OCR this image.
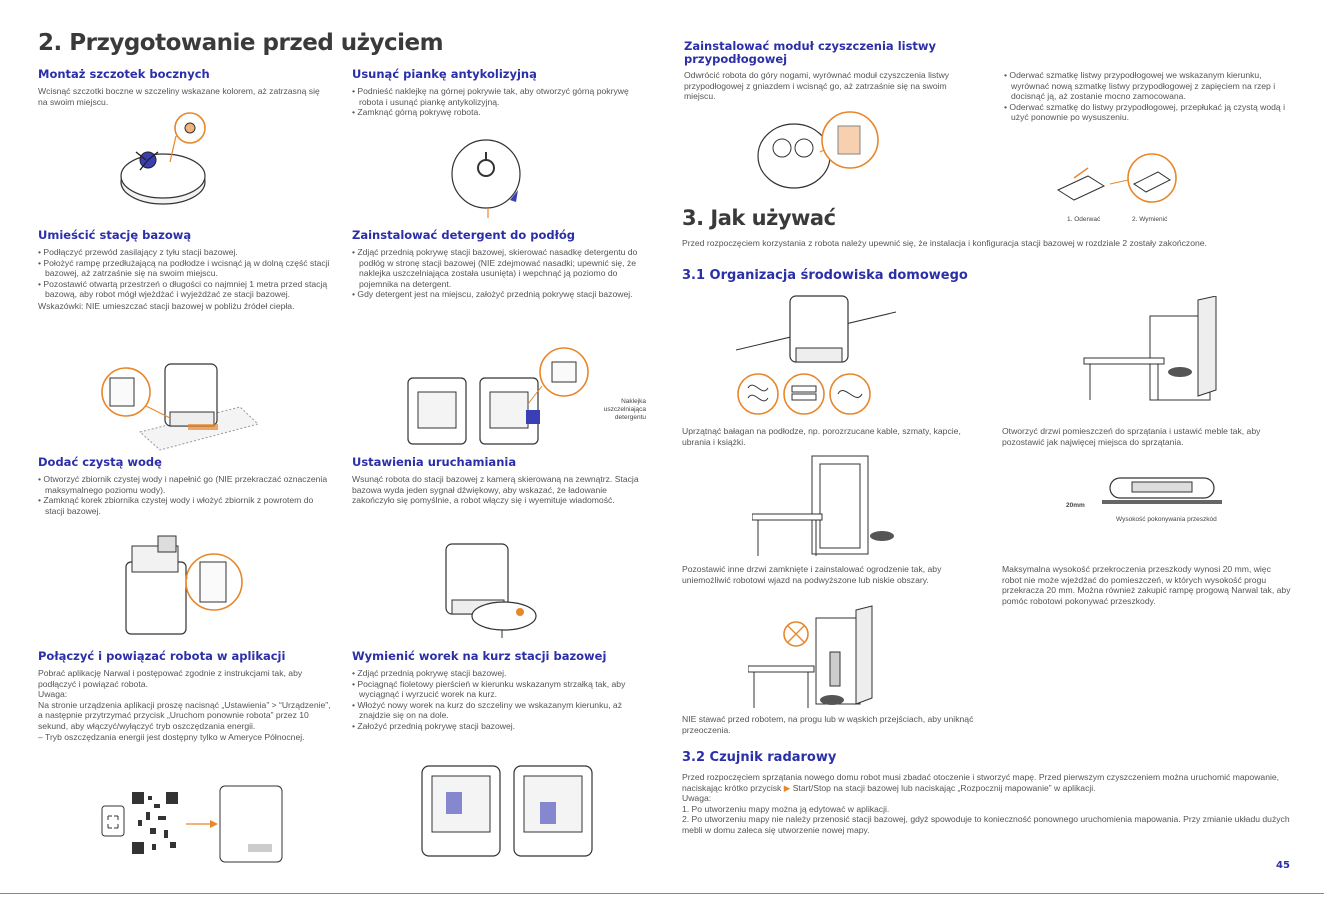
2. Przygotowanie przed użyciem
Montaż szczotek bocznych

Wcisnąć szczotki boczne w szczeliny wskazane kolorem, aż zatrzasną się na swoim miejscu.

Umieścić stację bazową
• Podłączyć przewód zasilający z tyłu stacji bazowej.
• Położyć rampę przedłużającą na podłodze i wcisnąć ją w dolną część stacji bazowej, aż zatrzaśnie się na swoim miejscu.
• Pozostawić otwartą przestrzeń o długości co najmniej 1 metra przed stacją bazową, aby robot mógł wjeżdżać i wyjeżdżać ze stacji bazowej.

Wskazówki: NIE umieszczać stacji bazowej w pobliżu źródeł ciepła.

Dodać czystą wodę
• Otworzyć zbiornik czystej wody i napełnić go (NIE przekraczać oznaczenia maksymalnego poziomu wody).
• Zamknąć korek zbiornika czystej wody i włożyć zbiornik z powrotem do stacji bazowej.
Połączyć i powiązać robota w aplikacji

Pobrać aplikację Narwal i postępować zgodnie z instrukcjami tak, aby podłączyć i powiązać robota.

Uwaga:

Na stronie urządzenia aplikacji proszę nacisnąć „Ustawienia” > “Urządzenie”, a następnie przytrzymać przycisk „Uruchom ponownie robota” przez 10 sekund, aby włączyć/wyłączyć tryb oszczędzania energii.

– Tryb oszczędzania energii jest dostępny tylko w Ameryce Północnej.

Usunąć piankę antykolizyjną
• Podnieść naklejkę na górnej pokrywie tak, aby otworzyć górną pokrywę robota i usunąć piankę antykolizyjną.
• Zamknąć górną pokrywę robota.
Zainstalować detergent do podłóg
• Zdjąć przednią pokrywę stacji bazowej, skierować nasadkę detergentu do podłóg w stronę stacji bazowej (NIE zdejmować nasadki; upewnić się, że naklejka uszczelniająca została usunięta) i wepchnąć ją poziomo do pojemnika na detergent.
• Gdy detergent jest na miejscu, założyć przednią pokrywę stacji bazowej.
Naklejka uszczelniająca detergentu
Ustawienia uruchamiania

Wsunąć robota do stacji bazowej z kamerą skierowaną na zewnątrz. Stacja bazowa wyda jeden sygnał dźwiękowy, aby wskazać, że ładowanie zakończyło się pomyślnie, a robot włączy się i wyemituje wiadomość.

Wymienić worek na kurz stacji bazowej
• Zdjąć przednią pokrywę stacji bazowej.
• Pociągnąć fioletowy pierścień w kierunku wskazanym strzałką tak, aby wyciągnąć i wyrzucić worek na kurz.
• Włożyć nowy worek na kurz do szczeliny we wskazanym kierunku, aż znajdzie się on na dole.
• Założyć przednią pokrywę stacji bazowej.
Zainstalować moduł czyszczenia listwy przypodłogowej

Odwrócić robota do góry nogami, wyrównać moduł czyszczenia listwy przypodłogowej z gniazdem i wcisnąć go, aż zatrzaśnie się na swoim miejscu.

• Oderwać szmatkę listwy przypodłogowej we wskazanym kierunku, wyrównać nową szmatkę listwy przypodłogowej z zapięciem na rzep i docisnąć ją, aż zostanie mocno zamocowana.
• Oderwać szmatkę do listwy przypodłogowej, przepłukać ją czystą wodą i użyć ponownie po wysuszeniu.
1. Oderwać	2. Wymienić
3. Jak używać

Przed rozpoczęciem korzystania z robota należy upewnić się, że instalacja i konfiguracja stacji bazowej w rozdziale 2 zostały zakończone.

3.1 Organizacja środowiska domowego

Uprzątnąć bałagan na podłodze, np. porozrzucane kable, szmaty, kapcie, ubrania i książki.

Otworzyć drzwi pomieszczeń do sprzątania i ustawić meble tak, aby pozostawić jak najwięcej miejsca do sprzątania.

20mm
Wysokość pokonywania przeszkód

Pozostawić inne drzwi zamknięte i zainstalować ogrodzenie tak, aby uniemożliwić robotowi wjazd na podwyższone lub niskie obszary.

Maksymalna wysokość przekroczenia przeszkody wynosi 20 mm, więc robot nie może wjeżdżać do pomieszczeń, w których wysokość progu przekracza 20 mm. Można również zakupić rampę progową Narwal tak, aby pomóc robotowi pokonywać przeszkody.

NIE stawać przed robotem, na progu lub w wąskich przejściach, aby uniknąć przeoczenia.

3.2 Czujnik radarowy

Przed rozpoczęciem sprzątania nowego domu robot musi zbadać otoczenie i stworzyć mapę. Przed pierwszym czyszczeniem można uruchomić mapowanie, naciskając krótko przycisk ▶ Start/Stop na stacji bazowej lub naciskając „Rozpocznij mapowanie” w aplikacji.

Uwaga:

1. Po utworzeniu mapy można ją edytować w aplikacji.

2. Po utworzeniu mapy nie należy przenosić stacji bazowej, gdyż spowoduje to konieczność ponownego uruchomienia mapowania. Przy zmianie układu dużych mebli w domu zaleca się utworzenie nowej mapy.

45
